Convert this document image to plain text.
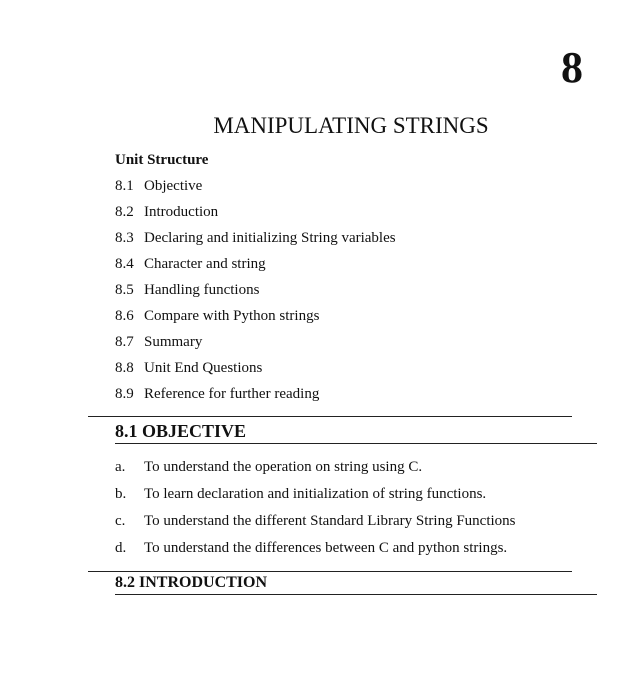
8
MANIPULATING STRINGS
Unit Structure
8.1 Objective
8.2 Introduction
8.3 Declaring and initializing String variables
8.4 Character and string
8.5 Handling functions
8.6 Compare with Python strings
8.7 Summary
8.8 Unit End Questions
8.9 Reference for further reading
8.1 OBJECTIVE
a. To understand the operation on string using C.
b. To learn declaration and initialization of string functions.
c. To understand the different Standard Library String Functions
d. To understand the differences between C and python strings.
8.2 INTRODUCTION
